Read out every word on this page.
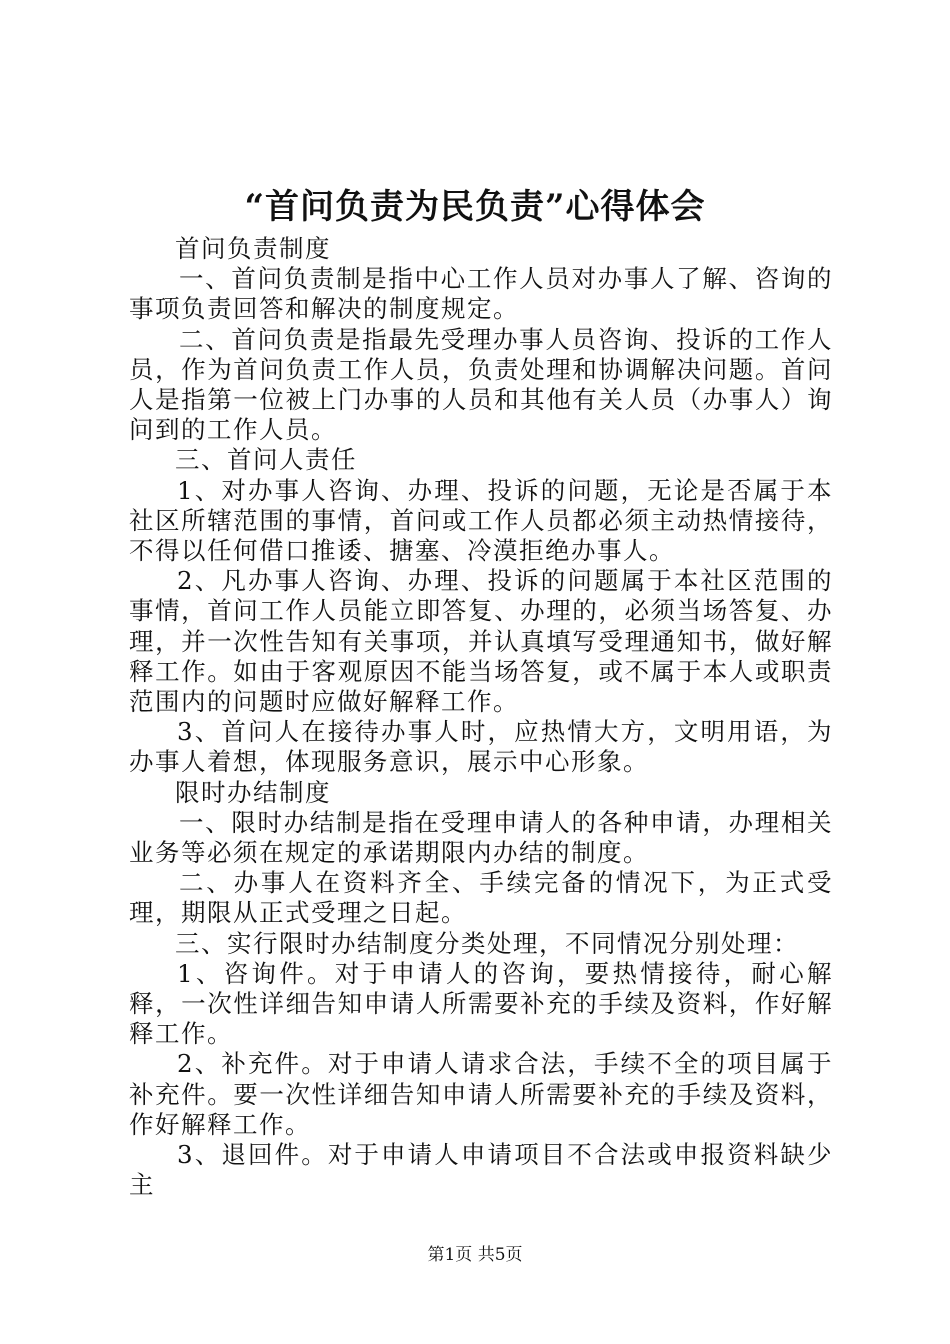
“首问负责为民负责”心得体会

首问负责制度

一、首问负责制是指中心工作人员对办事人了解、咨询的事项负责回答和解决的制度规定。

二、首问负责是指最先受理办事人员咨询、投诉的工作人员，作为首问负责工作人员，负责处理和协调解决问题。首问人是指第一位被上门办事的人员和其他有关人员（办事人）询问到的工作人员。

三、首问人责任

1、对办事人咨询、办理、投诉的问题，无论是否属于本社区所辖范围的事情，首问或工作人员都必须主动热情接待，不得以任何借口推诿、搪塞、冷漠拒绝办事人。

2、凡办事人咨询、办理、投诉的问题属于本社区范围的事情，首问工作人员能立即答复、办理的，必须当场答复、办理，并一次性告知有关事项，并认真填写受理通知书，做好解释工作。如由于客观原因不能当场答复，或不属于本人或职责范围内的问题时应做好解释工作。

3、首问人在接待办事人时，应热情大方，文明用语，为办事人着想，体现服务意识，展示中心形象。

限时办结制度

一、限时办结制是指在受理申请人的各种申请，办理相关业务等必须在规定的承诺期限内办结的制度。

二、办事人在资料齐全、手续完备的情况下，为正式受理，期限从正式受理之日起。

三、实行限时办结制度分类处理，不同情况分别处理：

1、咨询件。对于申请人的咨询，要热情接待，耐心解释，一次性详细告知申请人所需要补充的手续及资料，作好解释工作。

2、补充件。对于申请人请求合法，手续不全的项目属于补充件。要一次性详细告知申请人所需要补充的手续及资料，作好解释工作。

3、退回件。对于申请人申请项目不合法或申报资料缺少主

第1页 共5页
